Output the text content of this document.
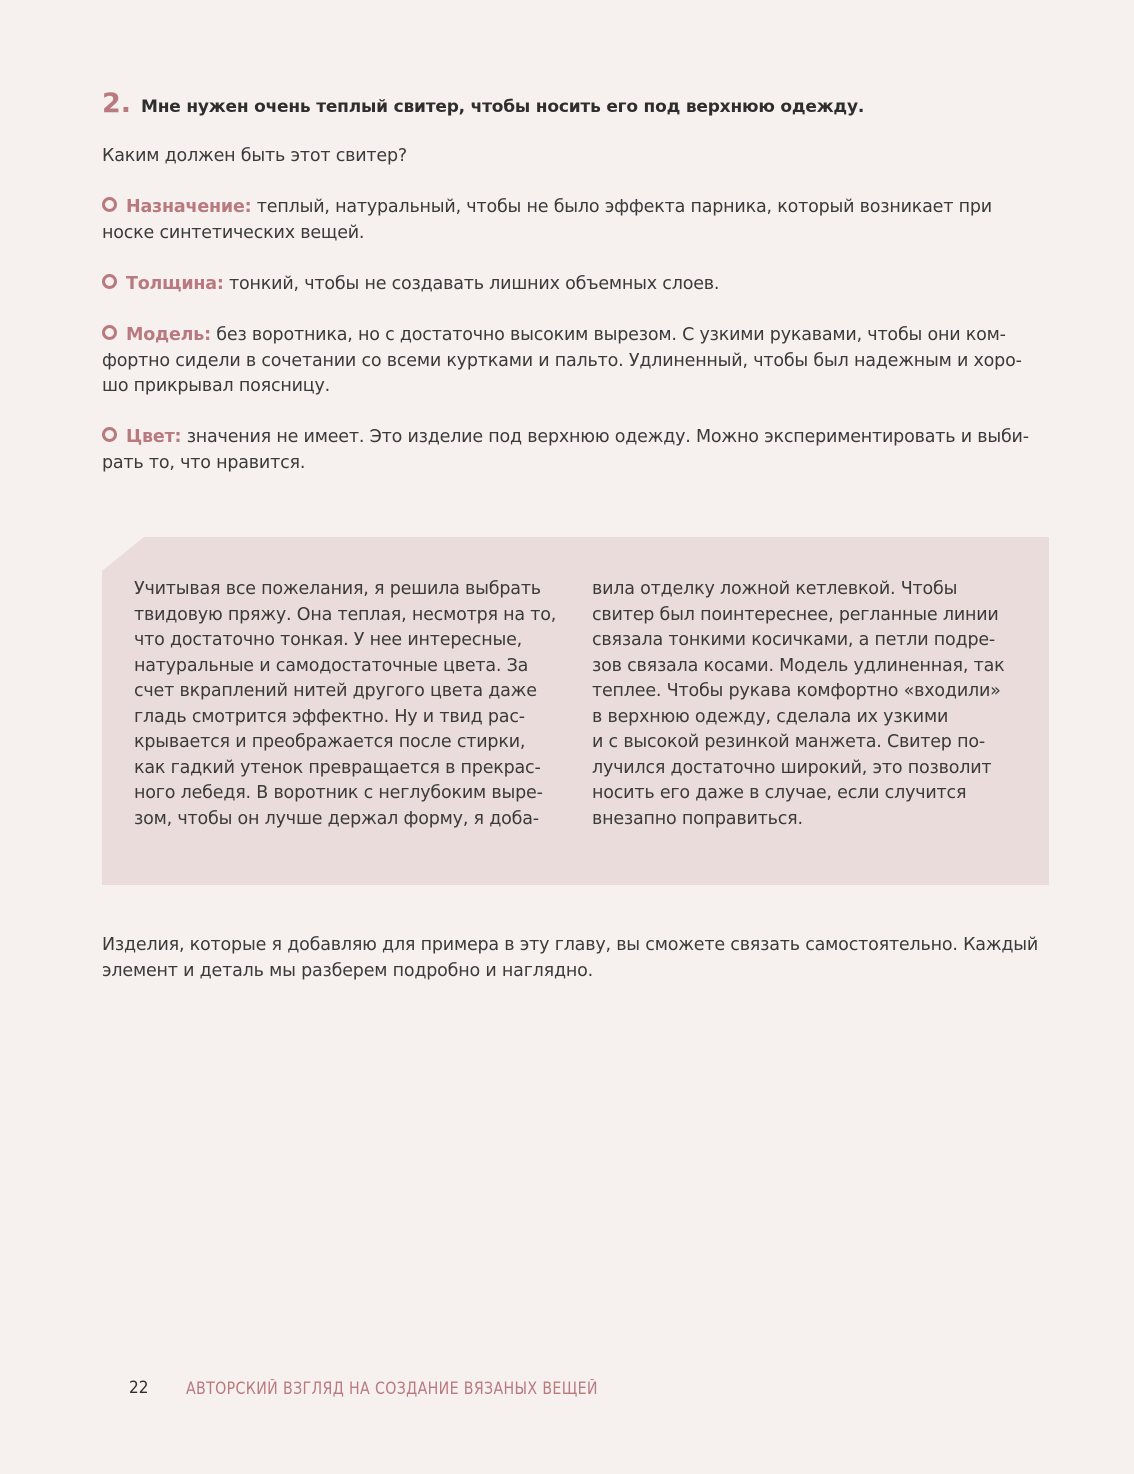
2. Мне нужен очень теплый свитер, чтобы носить его под верхнюю одежду.
Каким должен быть этот свитер?
Назначение: теплый, натуральный, чтобы не было эффекта парника, который возникает при
носке синтетических вещей.
Толщина: тонкий, чтобы не создавать лишних объемных слоев.
Модель: без воротника, но с достаточно высоким вырезом. С узкими рукавами, чтобы они ком-
фортно сидели в сочетании со всеми куртками и пальто. Удлиненный, чтобы был надежным и хоро-
шо прикрывал поясницу.
Цвет: значения не имеет. Это изделие под верхнюю одежду. Можно экспериментировать и выби-
рать то, что нравится.
Учитывая все пожелания, я решила выбрать
твидовую пряжу. Она теплая, несмотря на то,
что достаточно тонкая. У нее интересные,
натуральные и самодостаточные цвета. За
счет вкраплений нитей другого цвета даже
гладь смотрится эффектно. Ну и твид рас-
крывается и преображается после стирки,
как гадкий утенок превращается в прекрас-
ного лебедя. В воротник с неглубоким выре-
зом, чтобы он лучше держал форму, я доба-
вила отделку ложной кетлевкой. Чтобы
свитер был поинтереснее, регланные линии
связала тонкими косичками, а петли подре-
зов связала косами. Модель удлиненная, так
теплее. Чтобы рукава комфортно «входили»
в верхнюю одежду, сделала их узкими
и с высокой резинкой манжета. Свитер по-
лучился достаточно широкий, это позволит
носить его даже в случае, если случится
внезапно поправиться.
Изделия, которые я добавляю для примера в эту главу, вы сможете связать самостоятельно. Каждый
элемент и деталь мы разберем подробно и наглядно.
22 АВТОРСКИЙ ВЗГЛЯД НА СОЗДАНИЕ ВЯЗАНЫХ ВЕЩЕЙ
